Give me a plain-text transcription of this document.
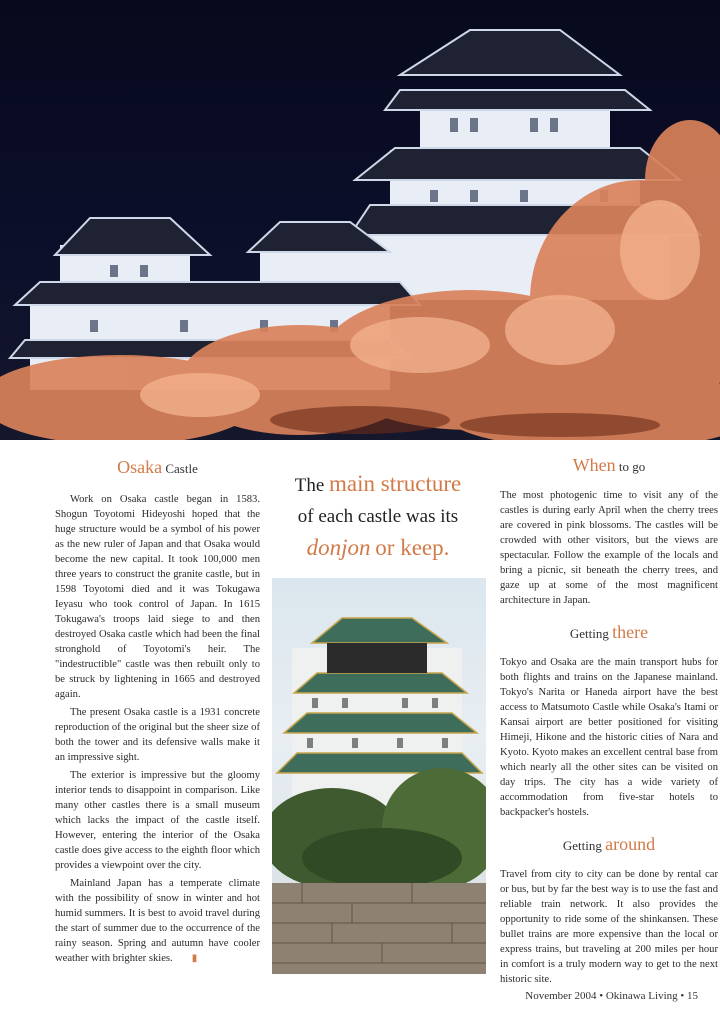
Osaka Castle

Work on Osaka castle began in 1583. Shogun Toyotomi Hideyoshi hoped that the huge structure would be a symbol of his power as the new ruler of Japan and that Osaka would become the new capital. It took 100,000 men three years to construct the granite castle, but in 1598 Toyotomi died and it was Tokugawa Ieyasu who took control of Japan. In 1615 Tokugawa's troops laid siege to and then destroyed Osaka castle which had been the final stronghold of Toyotomi's heir. The "indestructible" castle was then rebuilt only to be struck by lightening in 1665 and destroyed again.

The present Osaka castle is a 1931 concrete reproduction of the original but the sheer size of both the tower and its defensive walls make it an impressive sight.

The exterior is impressive but the gloomy interior tends to disappoint in comparison. Like many other castles there is a small museum which lacks the impact of the castle itself. However, entering the interior of the Osaka castle does give access to the eighth floor which provides a viewpoint over the city.

Mainland Japan has a temperate climate with the possibility of snow in winter and hot humid summers. It is best to avoid travel during the start of summer due to the occurrence of the rainy season. Spring and autumn have cooler weather with brighter skies. ▮

The main structure
of each castle was its
donjon or keep.
When to go

The most photogenic time to visit any of the castles is during early April when the cherry trees are covered in pink blossoms. The castles will be crowded with other visitors, but the views are spectacular. Follow the example of the locals and bring a picnic, sit beneath the cherry trees, and gaze up at some of the most magnificent architecture in Japan.

Getting there

Tokyo and Osaka are the main transport hubs for both flights and trains on the Japanese mainland. Tokyo's Narita or Haneda airport have the best access to Matsumoto Castle while Osaka's Itami or Kansai airport are better positioned for visiting Himeji, Hikone and the historic cities of Nara and Kyoto. Kyoto makes an excellent central base from which nearly all the other sites can be visited on day trips. The city has a wide variety of accommodation from five-star hotels to backpacker's hostels.

Getting around

Travel from city to city can be done by rental car or bus, but by far the best way is to use the fast and reliable train network. It also provides the opportunity to ride some of the shinkansen. These bullet trains are more expensive than the local or express trains, but traveling at 200 miles per hour in comfort is a truly modern way to get to the next historic site.

November 2004 • Okinawa Living • 15
